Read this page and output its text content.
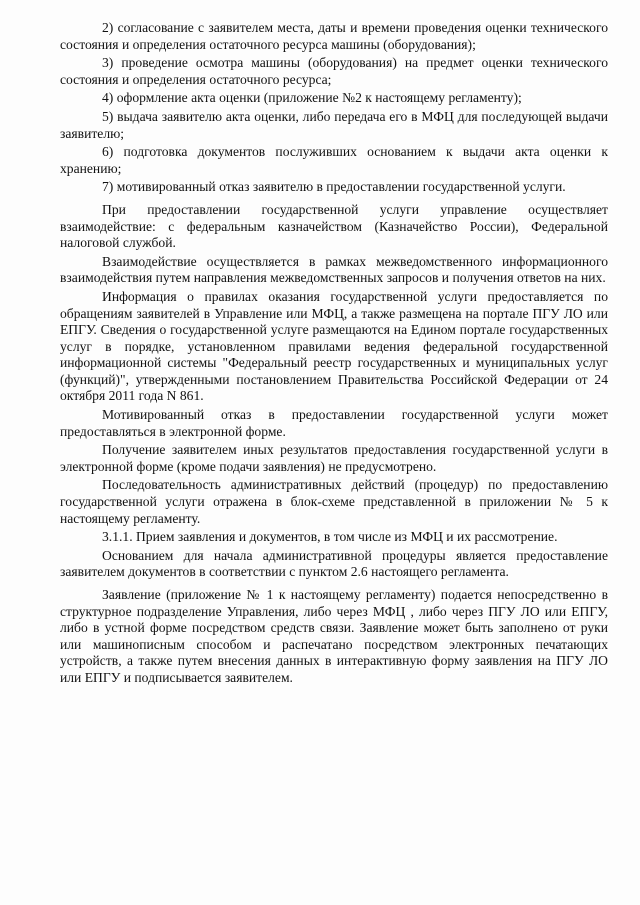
2) согласование с заявителем места, даты и времени проведения оценки технического состояния и определения остаточного ресурса машины (оборудования);

3) проведение осмотра машины (оборудования) на предмет оценки технического состояния и определения остаточного ресурса;

4) оформление акта оценки (приложение №2 к настоящему регламенту);

5) выдача заявителю акта оценки, либо передача его в МФЦ для последующей выдачи заявителю;

6) подготовка документов послуживших основанием к выдачи акта оценки к хранению;

7) мотивированный отказ заявителю в предоставлении государственной услуги.

При предоставлении государственной услуги управление осуществляет взаимодействие: с федеральным казначейством (Казначейство России), Федеральной налоговой службой.

Взаимодействие осуществляется в рамках межведомственного информационного взаимодействия путем направления межведомственных запросов и получения ответов на них.

Информация о правилах оказания государственной услуги предоставляется по обращениям заявителей в Управление или МФЦ, а также размещена на портале ПГУ ЛО или ЕПГУ. Сведения о государственной услуге размещаются на Едином портале государственных услуг в порядке, установленном правилами ведения федеральной государственной информационной системы "Федеральный реестр государственных и муниципальных услуг (функций)", утвержденными постановлением Правительства Российской Федерации от 24 октября 2011 года N 861.

Мотивированный отказ в предоставлении государственной услуги может предоставляться в электронной форме.

Получение заявителем иных результатов предоставления государственной услуги в электронной форме (кроме подачи заявления) не предусмотрено.

Последовательность административных действий (процедур) по предоставлению государственной услуги отражена в блок-схеме представленной в приложении № 5 к настоящему регламенту.

3.1.1. Прием заявления и документов, в том числе из МФЦ и их рассмотрение.

Основанием для начала административной процедуры является предоставление заявителем документов в соответствии с пунктом 2.6 настоящего регламента.

Заявление (приложение № 1 к настоящему регламенту) подается непосредственно в структурное подразделение Управления, либо через МФЦ , либо через ПГУ ЛО или ЕПГУ, либо в устной форме посредством средств связи. Заявление может быть заполнено от руки или машинописным способом и распечатано посредством электронных печатающих устройств, а также путем внесения данных в интерактивную форму заявления на ПГУ ЛО или ЕПГУ и подписывается заявителем.
